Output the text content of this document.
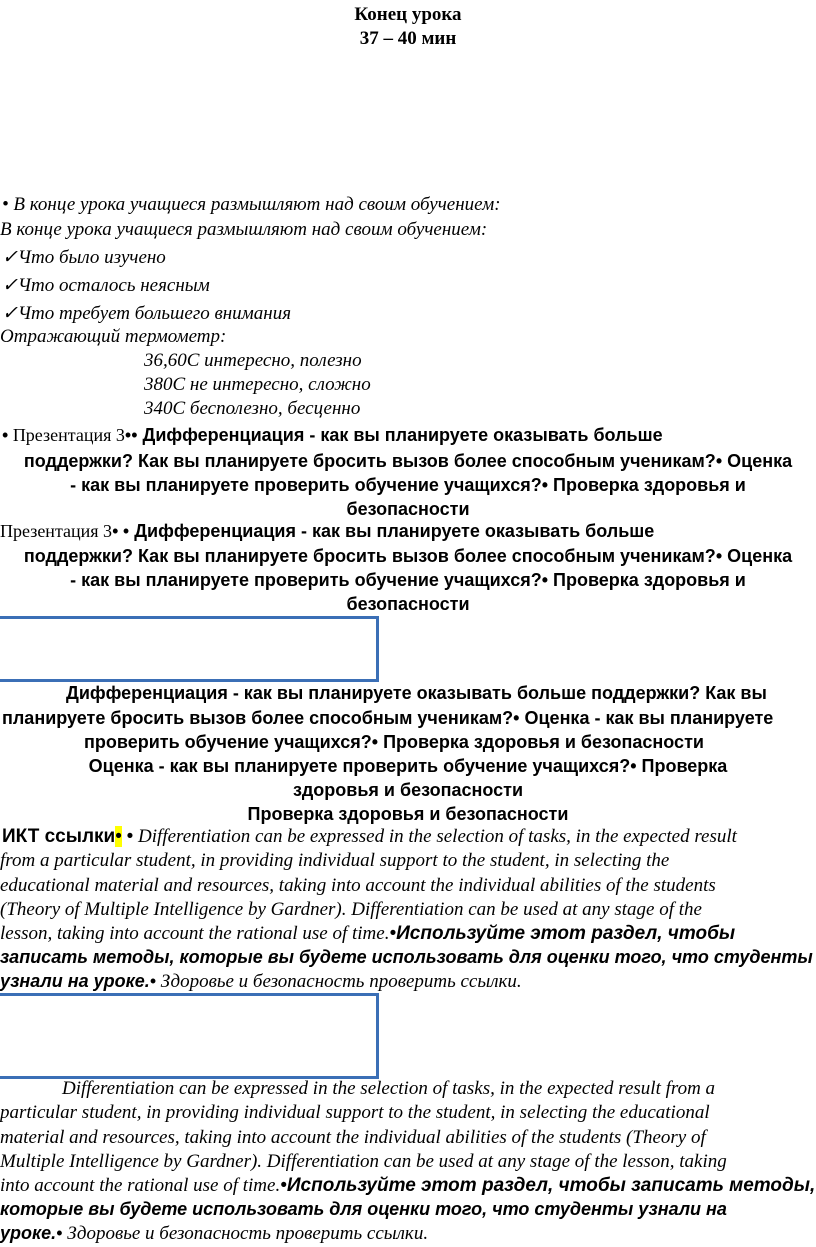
Конец урока
37 – 40 мин
• В конце урока учащиеся размышляют над своим обучением:
В конце урока учащиеся размышляют над своим обучением:
✓Что было изучено
✓Что осталось неясным
✓Что требует большего внимания
Отражающий термометр:
36,60C интересно, полезно
380C не интересно, сложно
340C бесполезно, бесценно
• Презентация 3•• Дифференциация - как вы планируете оказывать больше
поддержки? Как вы планируете бросить вызов более способным ученикам?• Оценка
- как вы планируете проверить обучение учащихся?• Проверка здоровья и
безопасности
Презентация 3• • Дифференциация - как вы планируете оказывать больше
поддержки? Как вы планируете бросить вызов более способным ученикам?• Оценка
- как вы планируете проверить обучение учащихся?• Проверка здоровья и
безопасности
Дифференциация - как вы планируете оказывать больше поддержки? Как вы
планируете бросить вызов более способным ученикам?• Оценка - как вы планируете
проверить обучение учащихся?• Проверка здоровья и безопасности
Оценка - как вы планируете проверить обучение учащихся?• Проверка
здоровья и безопасности
Проверка здоровья и безопасности
ИКТ ссылки• • Differentiation can be expressed in the selection of tasks, in the expected result
from a particular student, in providing individual support to the student, in selecting the
educational material and resources, taking into account the individual abilities of the students
(Theory of Multiple Intelligence by Gardner). Differentiation can be used at any stage of the
lesson, taking into account the rational use of time.•Используйте этот раздел, чтобы
записать методы, которые вы будете использовать для оценки того, что студенты
узнали на уроке.• Здоровье и безопасность проверить ссылки.
Differentiation can be expressed in the selection of tasks, in the expected result from a
particular student, in providing individual support to the student, in selecting the educational
material and resources, taking into account the individual abilities of the students (Theory of
Multiple Intelligence by Gardner). Differentiation can be used at any stage of the lesson, taking
into account the rational use of time.•Используйте этот раздел, чтобы записать методы,
которые вы будете использовать для оценки того, что студенты узнали на
уроке.• Здоровье и безопасность проверить ссылки.
